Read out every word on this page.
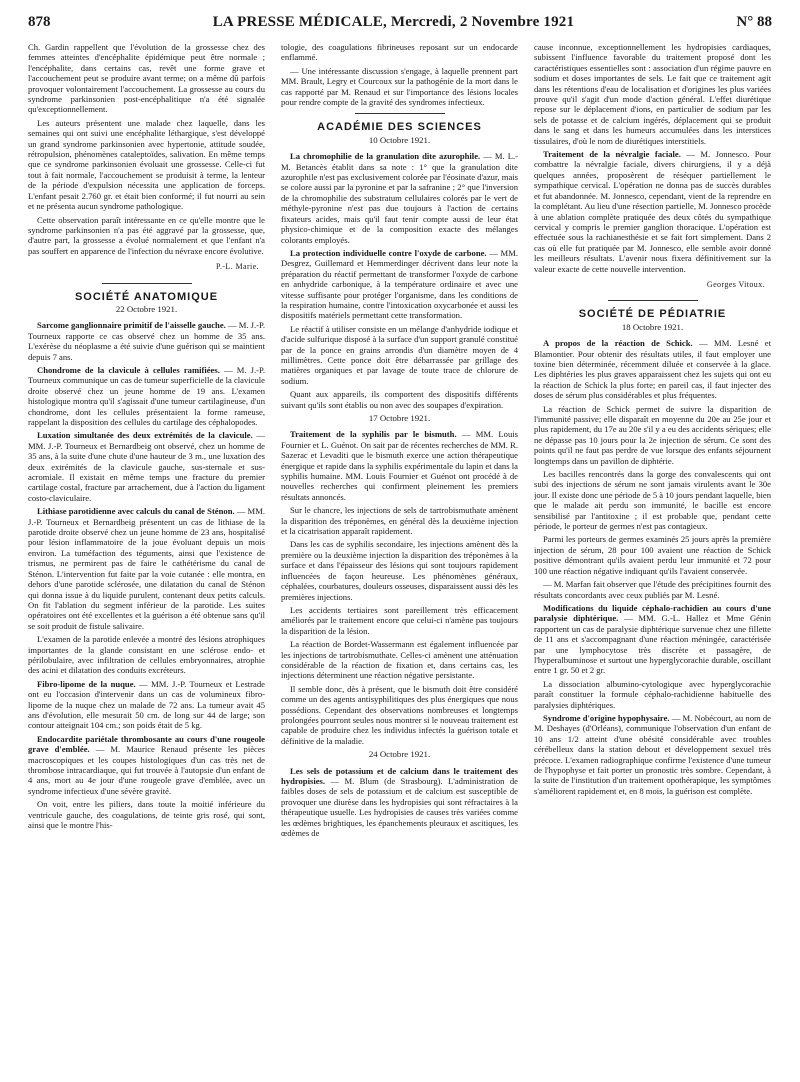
878	LA PRESSE MÉDICALE, Mercredi, 2 Novembre 1921	N° 88

Ch. Gardin rappellent que l'évolution de la grossesse chez des femmes atteintes d'encéphalite épidémique peut être normale ; l'encéphalite, dans certains cas, revêt une forme grave et l'accouchement peut se produire avant terme; on a même dû parfois provoquer volontairement l'accouchement. La grossesse au cours du syndrome parkinsonien post-encéphalitique n'a été signalée qu'exceptionnellement.

Les auteurs présentent une malade chez laquelle, dans les semaines qui ont suivi une encéphalite léthargique, s'est développé un grand syndrome parkinsonien avec hypertonie, attitude soudée, rétropulsion, phénomènes cataleptoïdes, salivation. En même temps que ce syndrome parkinsonien évoluait une grossesse. Celle-ci fut tout à fait normale, l'accouchement se produisit à terme, la lenteur de la période d'expulsion nécessita une application de forceps. L'enfant pesait 2.760 gr. et était bien conformé; il fut nourri au sein et ne présenta aucun syndrome pathologique.

Cette observation paraît intéressante en ce qu'elle montre que le syndrome parkinsonien n'a pas été aggravé par la grossesse, que, d'autre part, la grossesse a évolué normalement et que l'enfant n'a pas souffert en apparence de l'infection du névraxe encore évolutive.

P.-L. Marie.
SOCIÉTÉ ANATOMIQUE
22 Octobre 1921.

Sarcome ganglionnaire primitif de l'aisselle gauche. — M. J.-P. Tourneux rapporte ce cas observé chez un homme de 35 ans. L'exérèse du néoplasme a été suivie d'une guérison qui se maintient depuis 7 ans.

Chondrome de la clavicule à cellules ramifiées. — M. J.-P. Tourneux communique un cas de tumeur superficielle de la clavicule droite observé chez un jeune homme de 19 ans. L'examen histologique montra qu'il s'agissait d'une tumeur cartilagineuse, d'un chondrome, dont les cellules présentaient la forme rameuse, rappelant la disposition des cellules du cartilage des céphalopodes.

Luxation simultanée des deux extrémités de la clavicule. — MM. J.-P. Tourneux et Bernardbeig ont observé, chez un homme de 35 ans, à la suite d'une chute d'une hauteur de 3 m., une luxation des deux extrémités de la clavicule gauche, sus-sternale et sus-acromiale. Il existait en même temps une fracture du premier cartilage costal, fracture par arrachement, due à l'action du ligament costo-claviculaire.

Lithiase parotidienne avec calculs du canal de Sténon. — MM. J.-P. Tourneux et Bernardbeig présentent un cas de lithiase de la parotide droite observé chez un jeune homme de 23 ans, hospitalisé pour lésion inflammatoire de la joue évoluant depuis un mois environ. La tuméfaction des téguments, ainsi que l'existence de trismus, ne permirent pas de faire le cathétérisme du canal de Sténon. L'intervention fut faite par la voie cutanée : elle montra, en dehors d'une parotide sclérosée, une dilatation du canal de Sténon qui donna issue à du liquide purulent, contenant deux petits calculs. On fit l'ablation du segment inférieur de la parotide. Les suites opératoires ont été excellentes et la guérison a été obtenue sans qu'il se soit produit de fistule salivaire.

L'examen de la parotide enlevée a montré des lésions atrophiques importantes de la glande consistant en une sclérose endo- et périlobulaire, avec infiltration de cellules embryonnaires, atrophie des acini et dilatation des conduits excréteurs.

Fibro-lipome de la nuque. — MM. J.-P. Tourneux et Lestrade ont eu l'occasion d'intervenir dans un cas de volumineux fibro-lipome de la nuque chez un malade de 72 ans. La tumeur avait 45 ans d'évolution, elle mesurait 50 cm. de long sur 44 de large; son contour atteignait 104 cm.; son poids était de 5 kg.

Endocardite pariétale thrombosante au cours d'une rougeole grave d'emblée. — M. Maurice Renaud présente les pièces macroscopiques et les coupes histologiques d'un cas très net de thrombose intracardiaque, qui fut trouvée à l'autopsie d'un enfant de 4 ans, mort au 4e jour d'une rougeole grave d'emblée, avec un syndrome infectieux d'une sévère gravité.

On voit, entre les piliers, dans toute la moitié inférieure du ventricule gauche, des coagulations, de teinte gris rosé, qui sont, ainsi que le montre l'his-

tologie, des coagulations fibrineuses reposant sur un endocarde enflammé.

— Une intéressante discussion s'engage, à laquelle prennent part MM. Brault, Legry et Courcoux sur la pathogénie de la mort dans le cas rapporté par M. Renaud et sur l'importance des lésions locales pour rendre compte de la gravité des syndromes infectieux.

ACADÉMIE DES SCIENCES
10 Octobre 1921.

La chromophilie de la granulation dite azurophile. — M. L.-M. Betancès établit dans sa note : 1° que la granulation dite azurophile n'est pas exclusivement colorée par l'éosinate d'azur, mais se colore aussi par la pyronine et par la safranine ; 2° que l'inversion de la chromophilie des substratum cellulaires colorés par le vert de méthyle-pyronine n'est pas due toujours à l'action de certains fixateurs acides, mais qu'il faut tenir compte aussi de leur état physico-chimique et de la composition exacte des mélanges colorants employés.

La protection individuelle contre l'oxyde de carbone. — MM. Desgrez, Guillemard et Hemmerdinger décrivent dans leur note la préparation du réactif permettant de transformer l'oxyde de carbone en anhydride carbonique, à la température ordinaire et avec une vitesse suffisante pour protéger l'organisme, dans les conditions de la respiration humaine, contre l'intoxication oxycarbonée et aussi les dispositifs matériels permettant cette transformation.

Le réactif à utiliser consiste en un mélange d'anhydride iodique et d'acide sulfurique disposé à la surface d'un support granulé constitué par de la ponce en grains arrondis d'un diamètre moyen de 4 millimètres. Cette ponce doit être débarrassée par grillage des matières organiques et par lavage de toute trace de chlorure de sodium.

Quant aux appareils, ils comportent des dispositifs différents suivant qu'ils sont établis ou non avec des soupapes d'expiration.

17 Octobre 1921.

Traitement de la syphilis par le bismuth. — MM. Louis Fournier et L. Guénot. On sait par de récentes recherches de MM. R. Sazerac et Levaditi que le bismuth exerce une action thérapeutique énergique et rapide dans la syphilis expérimentale du lapin et dans la syphilis humaine. MM. Louis Fournier et Guénot ont procédé à de nouvelles recherches qui confirment pleinement les premiers résultats annoncés.

Sur le chancre, les injections de sels de tartrobismuthate amènent la disparition des tréponèmes, en général dès la deuxième injection et la cicatrisation apparaît rapidement.

Dans les cas de syphilis secondaire, les injections amènent dès la première ou la deuxième injection la disparition des tréponèmes à la surface et dans l'épaisseur des lésions qui sont toujours rapidement influencées de façon heureuse. Les phénomènes généraux, céphalées, courbatures, douleurs osseuses, disparaissent aussi dès les premières injections.

Les accidents tertiaires sont pareillement très efficacement améliorés par le traitement encore que celui-ci n'amène pas toujours la disparition de la lésion.

La réaction de Bordet-Wassermann est également influencée par les injections de tartrobismuthate. Celles-ci amènent une atténuation considérable de la réaction de fixation et, dans certains cas, les injections déterminent une réaction négative persistante.

Il semble donc, dès à présent, que le bismuth doit être considéré comme un des agents antisyphilitiques des plus énergiques que nous possédions. Cependant des observations nombreuses et longtemps prolongées pourront seules nous montrer si le nouveau traitement est capable de produire chez les individus infectés la guérison totale et définitive de la maladie.

24 Octobre 1921.

Les sels de potassium et de calcium dans le traitement des hydropisies. — M. Blum (de Strasbourg). L'administration de faibles doses de sels de potassium et de calcium est susceptible de provoquer une diurèse dans les hydropisies qui sont réfractaires à la thérapeutique usuelle. Les hydropisies de causes très variées comme les œdèmes brightiques, les épanchements pleuraux et ascitiques, les œdèmes de

cause inconnue, exceptionnellement les hydropisies cardiaques, subissent l'influence favorable du traitement proposé dont les caractéristiques essentielles sont : association d'un régime pauvre en sodium et doses importantes de sels. Le fait que ce traitement agit dans les rétentions d'eau de localisation et d'origines les plus variées prouve qu'il s'agit d'un mode d'action général. L'effet diurétique repose sur le déplacement d'ions, en particulier de sodium par les sels de potasse et de calcium ingérés, déplacement qui se produit dans le sang et dans les humeurs accumulées dans les interstices tissulaires, d'où le nom de diurétiques interstitiels.

Traitement de la névralgie faciale. — M. Jonnesco. Pour combattre la névralgie faciale, divers chirurgiens, il y a déjà quelques années, proposèrent de réséquer partiellement le sympathique cervical. L'opération ne donna pas de succès durables et fut abandonnée. M. Jonnesco, cependant, vient de la reprendre en la complétant. Au lieu d'une résection partielle, M. Jonnesco procède à une ablation complète pratiquée des deux côtés du sympathique cervical y compris le premier ganglion thoracique. L'opération est effectuée sous la rachianesthésie et se fait fort simplement. Dans 2 cas où elle fut pratiquée par M. Jonnesco, elle semble avoir donné les meilleurs résultats. L'avenir nous fixera définitivement sur la valeur exacte de cette nouvelle intervention.

Georges Vitoux.
SOCIÉTÉ DE PÉDIATRIE
18 Octobre 1921.

A propos de la réaction de Schick. — MM. Lesné et Blamontier. Pour obtenir des résultats utiles, il faut employer une toxine bien déterminée, récemment diluée et conservée à la glace. Les diphtéries les plus graves apparaissent chez les sujets qui ont eu la réaction de Schick la plus forte; en pareil cas, il faut injecter des doses de sérum plus considérables et plus fréquentes.

La réaction de Schick permet de suivre la disparition de l'immunité passive; elle disparaît en moyenne du 20e au 25e jour et plus rapidement, du 17e au 20e s'il y a eu des accidents sériques; elle ne dépasse pas 10 jours pour la 2e injection de sérum. Ce sont des points qu'il ne faut pas perdre de vue lorsque des enfants séjournent longtemps dans un pavillon de diphtérie.

Les bacilles rencontrés dans la gorge des convalescents qui ont subi des injections de sérum ne sont jamais virulents avant le 30e jour. Il existe donc une période de 5 à 10 jours pendant laquelle, bien que le malade ait perdu son immunité, le bacille est encore sensibilisé par l'antitoxine ; il est probable que, pendant cette période, le porteur de germes n'est pas contagieux.

Parmi les porteurs de germes examinés 25 jours après la première injection de sérum, 28 pour 100 avaient une réaction de Schick positive démontrant qu'ils avaient perdu leur immunité et 72 pour 100 une réaction négative indiquant qu'ils l'avaient conservée.

— M. Marfan fait observer que l'étude des précipitines fournit des résultats concordants avec ceux publiés par M. Lesné.

Modifications du liquide céphalo-rachidien au cours d'une paralysie diphtérique. — MM. G.-L. Hallez et Mme Génin rapportent un cas de paralysie diphtérique survenue chez une fillette de 11 ans et s'accompagnant d'une réaction méningée, caractérisée par une lymphocytose très discrète et passagère, de l'hyperalbuminose et surtout une hyperglycorachie durable, oscillant entre 1 gr. 50 et 2 gr.

La dissociation albumino-cytologique avec hyperglycorachie paraît constituer la formule céphalo-rachidienne habituelle des paralysies diphtériques.

Syndrome d'origine hypophysaire. — M. Nobécourt, au nom de M. Deshayes (d'Orléans), communique l'observation d'un enfant de 10 ans 1/2 atteint d'une obésité considérable avec troubles cérébelleux dans la station debout et développement sexuel très précoce. L'examen radiographique confirme l'existence d'une tumeur de l'hypophyse et fait porter un pronostic très sombre. Cependant, à la suite de l'institution d'un traitement opothérapique, les symptômes s'améliorent rapidement et, en 8 mois, la guérison est complète.
